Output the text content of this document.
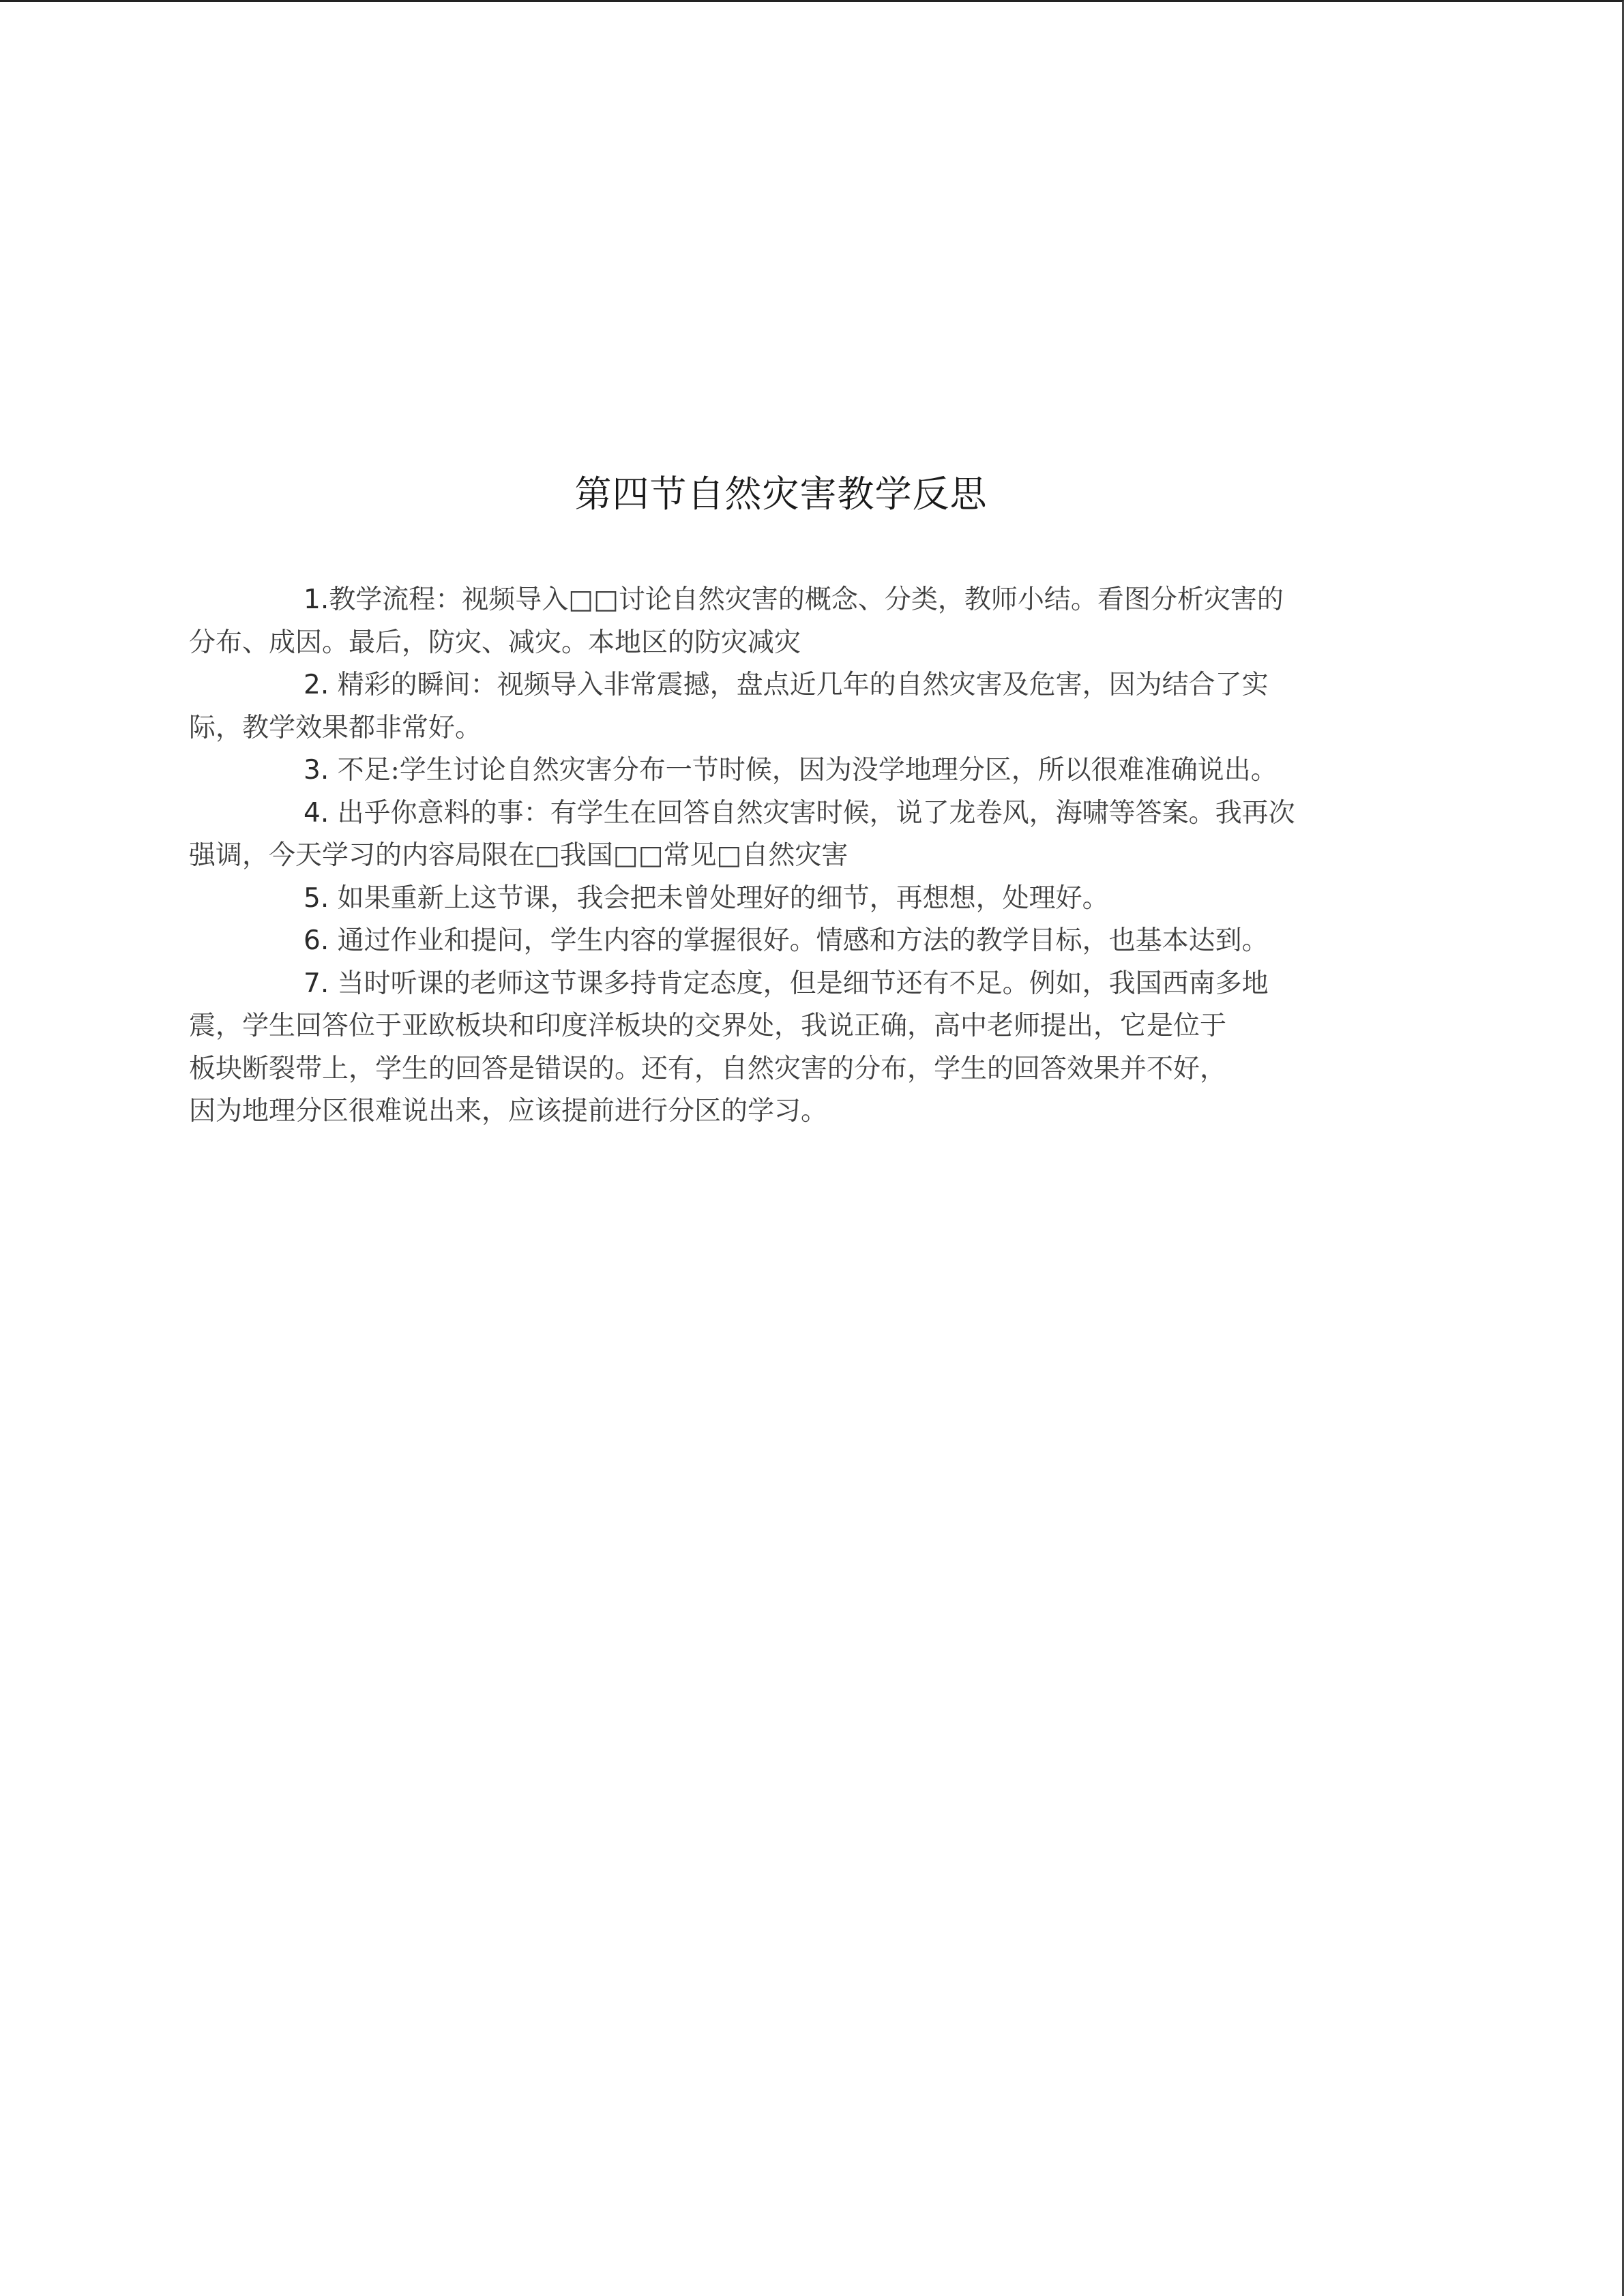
第四节自然灾害教学反思

1.教学流程：视频导入□□讨论自然灾害的概念、分类，教师小结。看图分析灾害的
分布、成因。最后，防灾、减灾。本地区的防灾减灾

2. 精彩的瞬间：视频导入非常震撼，盘点近几年的自然灾害及危害，因为结合了实
际，教学效果都非常好。

3. 不足:学生讨论自然灾害分布一节时候，因为没学地理分区，所以很难准确说出。

4. 出乎你意料的事：有学生在回答自然灾害时候，说了龙卷风，海啸等答案。我再次
强调，今天学习的内容局限在□我国□□常见□自然灾害

5. 如果重新上这节课，我会把未曾处理好的细节，再想想，处理好。

6. 通过作业和提问，学生内容的掌握很好。情感和方法的教学目标，也基本达到。

7. 当时听课的老师这节课多持肯定态度，但是细节还有不足。例如，我国西南多地
震，学生回答位于亚欧板块和印度洋板块的交界处，我说正确，高中老师提出，它是位于
板块断裂带上，学生的回答是错误的。还有，自然灾害的分布，学生的回答效果并不好，
因为地理分区很难说出来，应该提前进行分区的学习。
